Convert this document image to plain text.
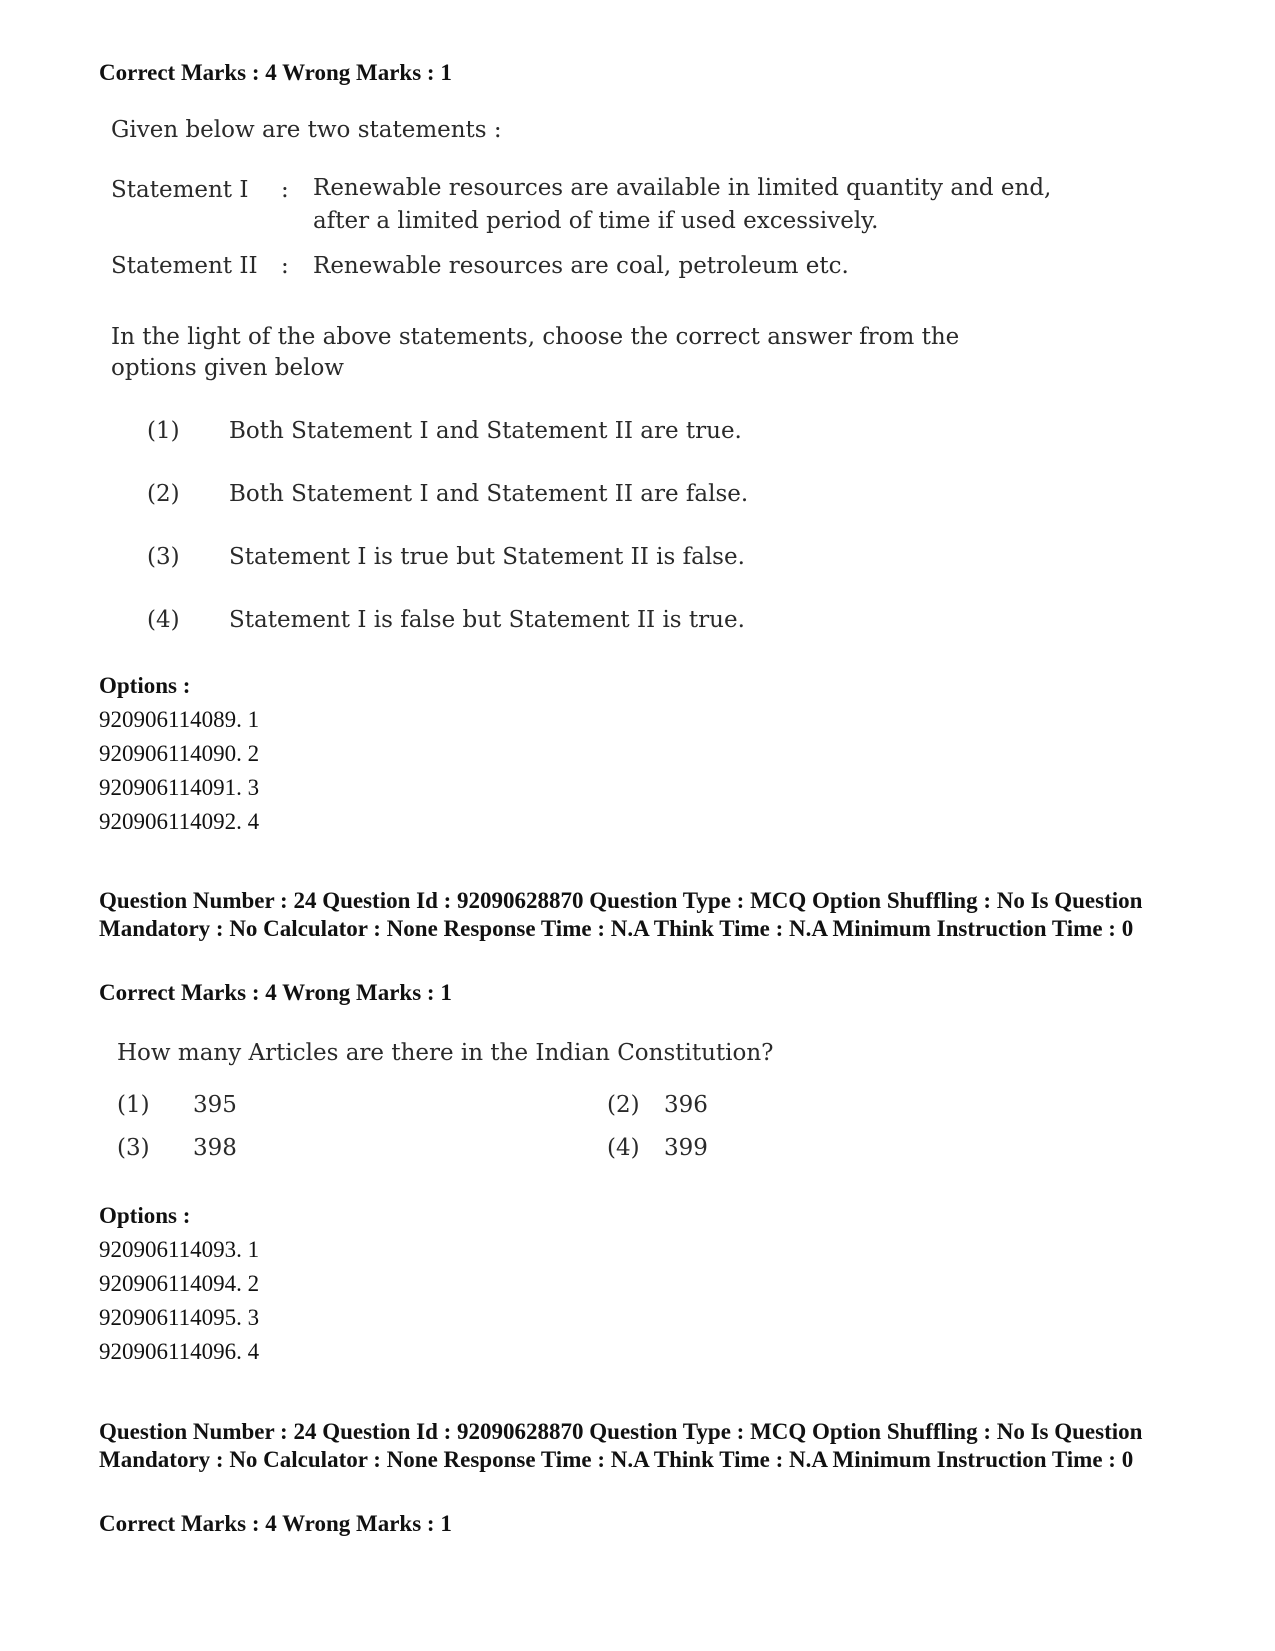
Correct Marks : 4 Wrong Marks : 1
Given below are two statements :
Statement I : Renewable resources are available in limited quantity and end, after a limited period of time if used excessively.
Statement II : Renewable resources are coal, petroleum etc.
In the light of the above statements, choose the correct answer from the options given below
(1) Both Statement I and Statement II are true.
(2) Both Statement I and Statement II are false.
(3) Statement I is true but Statement II is false.
(4) Statement I is false but Statement II is true.
Options :
920906114089. 1
920906114090. 2
920906114091. 3
920906114092. 4
Question Number : 24 Question Id : 92090628870 Question Type : MCQ Option Shuffling : No Is Question Mandatory : No Calculator : None Response Time : N.A Think Time : N.A Minimum Instruction Time : 0
Correct Marks : 4 Wrong Marks : 1
How many Articles are there in the Indian Constitution?
(1) 395	(2) 396
(3) 398	(4) 399
Options :
920906114093. 1
920906114094. 2
920906114095. 3
920906114096. 4
Question Number : 24 Question Id : 92090628870 Question Type : MCQ Option Shuffling : No Is Question Mandatory : No Calculator : None Response Time : N.A Think Time : N.A Minimum Instruction Time : 0
Correct Marks : 4 Wrong Marks : 1
